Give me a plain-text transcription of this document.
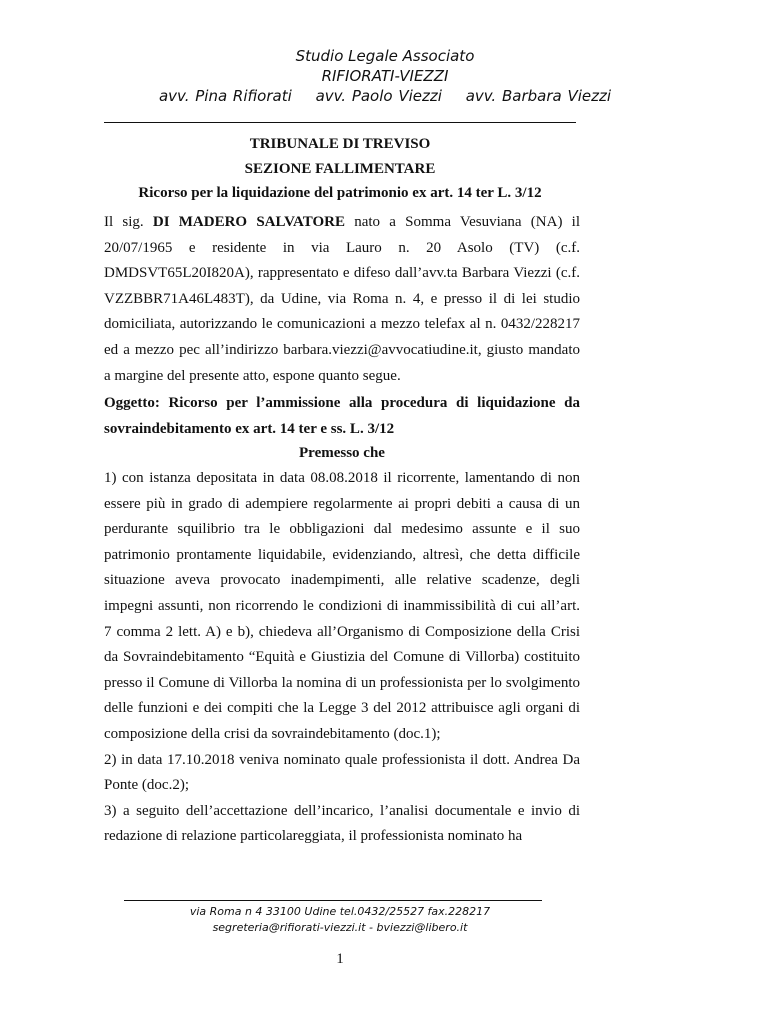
Studio Legale Associato
RIFIORATI-VIEZZI
avv. Pina Rifiorati avv. Paolo Viezzi avv. Barbara Viezzi
TRIBUNALE DI TREVISO
SEZIONE FALLIMENTARE
Ricorso per la liquidazione del patrimonio ex art. 14 ter L. 3/12
Il sig. DI MADERO SALVATORE nato a Somma Vesuviana (NA) il 20/07/1965 e residente in via Lauro n. 20 Asolo (TV) (c.f. DMDSVT65L20I820A), rappresentato e difeso dall’avv.ta Barbara Viezzi (c.f. VZZBBR71A46L483T), da Udine, via Roma n. 4, e presso il di lei studio domiciliata, autorizzando le comunicazioni a mezzo telefax al n. 0432/228217 ed a mezzo pec all’indirizzo barbara.viezzi@avvocatiudine.it, giusto mandato a margine del presente atto, espone quanto segue.
Oggetto: Ricorso per l’ammissione alla procedura di liquidazione da sovraindebitamento ex art. 14 ter e ss. L. 3/12
Premesso che
1) con istanza depositata in data 08.08.2018 il ricorrente, lamentando di non essere più in grado di adempiere regolarmente ai propri debiti a causa di un perdurante squilibrio tra le obbligazioni dal medesimo assunte e il suo patrimonio prontamente liquidabile, evidenziando, altresì, che detta difficile situazione aveva provocato inadempimenti, alle relative scadenze, degli impegni assunti, non ricorrendo le condizioni di inammissibilità di cui all’art. 7 comma 2 lett. A) e b), chiedeva all’Organismo di Composizione della Crisi da Sovraindebitamento “Equità e Giustizia del Comune di Villorba) costituito presso il Comune di Villorba la nomina di un professionista per lo svolgimento delle funzioni e dei compiti che la Legge 3 del 2012 attribuisce agli organi di composizione della crisi da sovraindebitamento (doc.1);
2) in data 17.10.2018 veniva nominato quale professionista il dott. Andrea Da Ponte (doc.2);
3) a seguito dell’accettazione dell’incarico, l’analisi documentale e invio di redazione di relazione particolareggiata, il professionista nominato ha
via Roma n 4 33100 Udine tel.0432/25527 fax.228217
segreteria@rifiorati-viezzi.it - bviezzi@libero.it
1
